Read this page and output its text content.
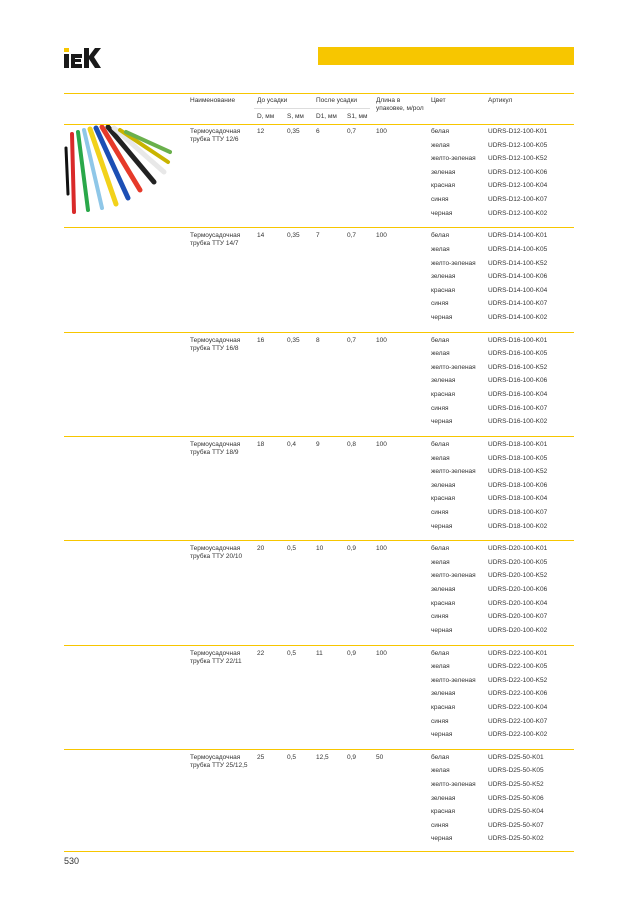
Наименование	До усадки	После усадки	Длина в упаковке, м/рол
Цвет	Артикул
D, мм S, мм D1, мм S1, мм
Термоусадочная трубка ТТУ 12/6
12	0,35	6	0,7	100	белая	UDRS-D12-100-K01
желая	UDRS-D12-100-K05
желто-зеленая UDRS-D12-100-K52
зеленая	UDRS-D12-100-K06
красная	UDRS-D12-100-K04
синяя	UDRS-D12-100-K07
черная	UDRS-D12-100-K02
Термоусадочная трубка ТТУ 14/7
14	0,35	7	0,7	100	белая	UDRS-D14-100-K01
желая	UDRS-D14-100-K05
желто-зеленая UDRS-D14-100-K52
зеленая	UDRS-D14-100-K06
красная	UDRS-D14-100-K04
синяя	UDRS-D14-100-K07
черная	UDRS-D14-100-K02
Термоусадочная трубка ТТУ 16/8
16	0,35	8	0,7	100	белая	UDRS-D16-100-K01
желая	UDRS-D16-100-K05
желто-зеленая UDRS-D16-100-K52
зеленая	UDRS-D16-100-K06
красная	UDRS-D16-100-K04
синяя	UDRS-D16-100-K07
черная	UDRS-D16-100-K02
Термоусадочная трубка ТТУ 18/9
18	0,4	9	0,8	100	белая	UDRS-D18-100-K01
желая	UDRS-D18-100-K05
желто-зеленая UDRS-D18-100-K52
зеленая	UDRS-D18-100-K06
красная	UDRS-D18-100-K04
синяя	UDRS-D18-100-K07
черная	UDRS-D18-100-K02
Термоусадочная трубка ТТУ 20/10
20	0,5	10	0,9	100	белая	UDRS-D20-100-K01
желая	UDRS-D20-100-K05
желто-зеленая UDRS-D20-100-K52
зеленая	UDRS-D20-100-K06
красная	UDRS-D20-100-K04
синяя	UDRS-D20-100-K07
черная	UDRS-D20-100-K02
Термоусадочная трубка ТТУ 22/11
22	0,5	11	0,9	100	белая	UDRS-D22-100-K01
желая	UDRS-D22-100-K05
желто-зеленая UDRS-D22-100-K52
зеленая	UDRS-D22-100-K06
красная	UDRS-D22-100-K04
синяя	UDRS-D22-100-K07
черная	UDRS-D22-100-K02
Термоусадочная трубка ТТУ 25/12,5
25	0,5	12,5	0,9	50	белая	UDRS-D25-50-K01
желая	UDRS-D25-50-K05
желто-зеленая UDRS-D25-50-K52
зеленая	UDRS-D25-50-K06
красная	UDRS-D25-50-K04
синяя	UDRS-D25-50-K07
черная	UDRS-D25-50-K02
530
